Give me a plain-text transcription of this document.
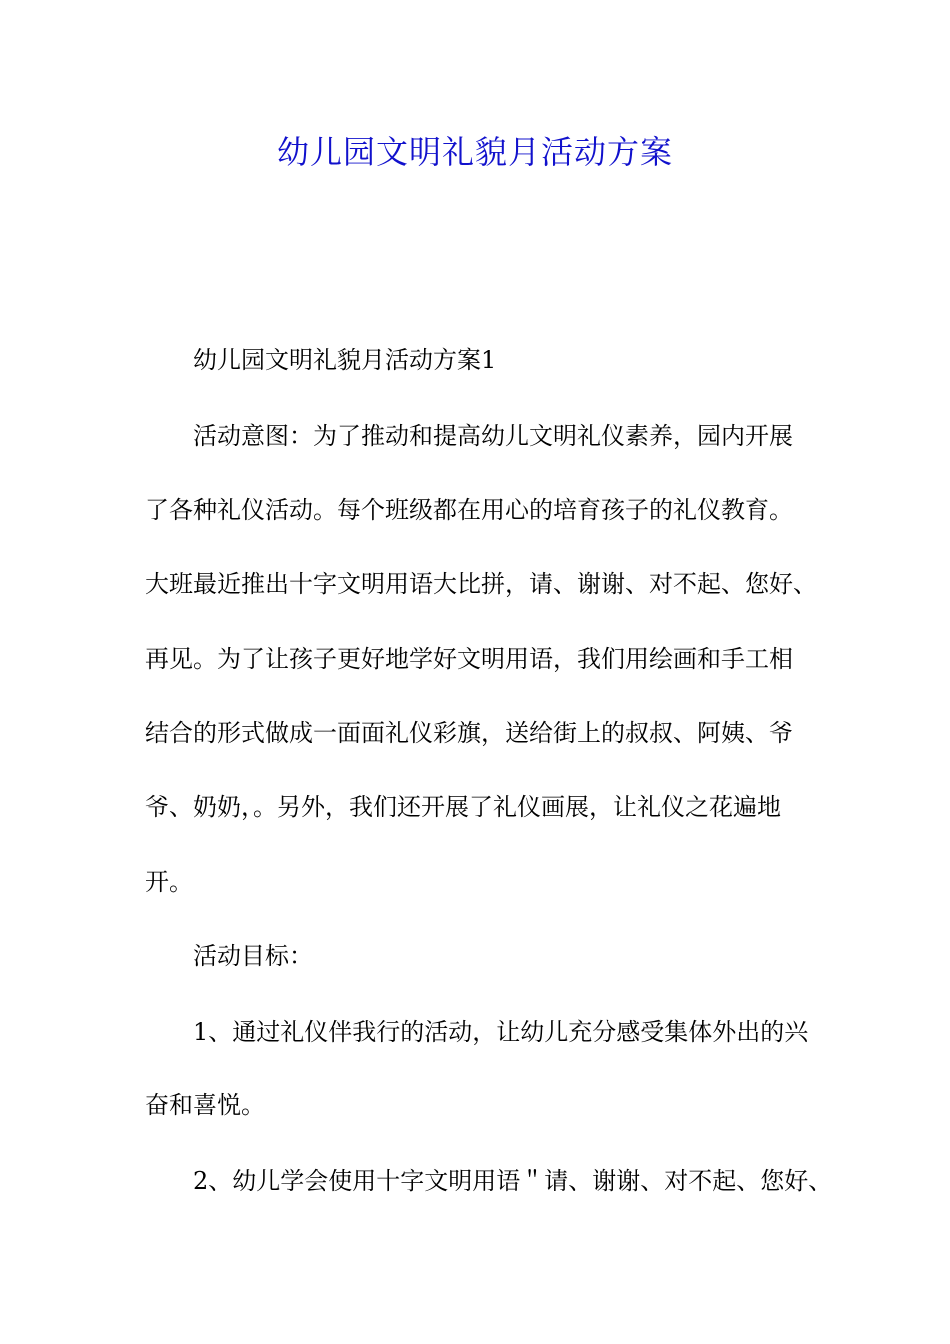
幼儿园文明礼貌月活动方案
幼儿园文明礼貌月活动方案1
活动意图：为了推动和提高幼儿文明礼仪素养，园内开展
了各种礼仪活动。每个班级都在用心的培育孩子的礼仪教育。
大班最近推出十字文明用语大比拼，请、谢谢、对不起、您好、
再见。为了让孩子更好地学好文明用语，我们用绘画和手工相
结合的形式做成一面面礼仪彩旗，送给街上的叔叔、阿姨、爷
爷、奶奶，。另外，我们还开展了礼仪画展，让礼仪之花遍地
开。
活动目标：
1、通过礼仪伴我行的活动，让幼儿充分感受集体外出的兴
奋和喜悦。
2、幼儿学会使用十字文明用语＂请、谢谢、对不起、您好、
